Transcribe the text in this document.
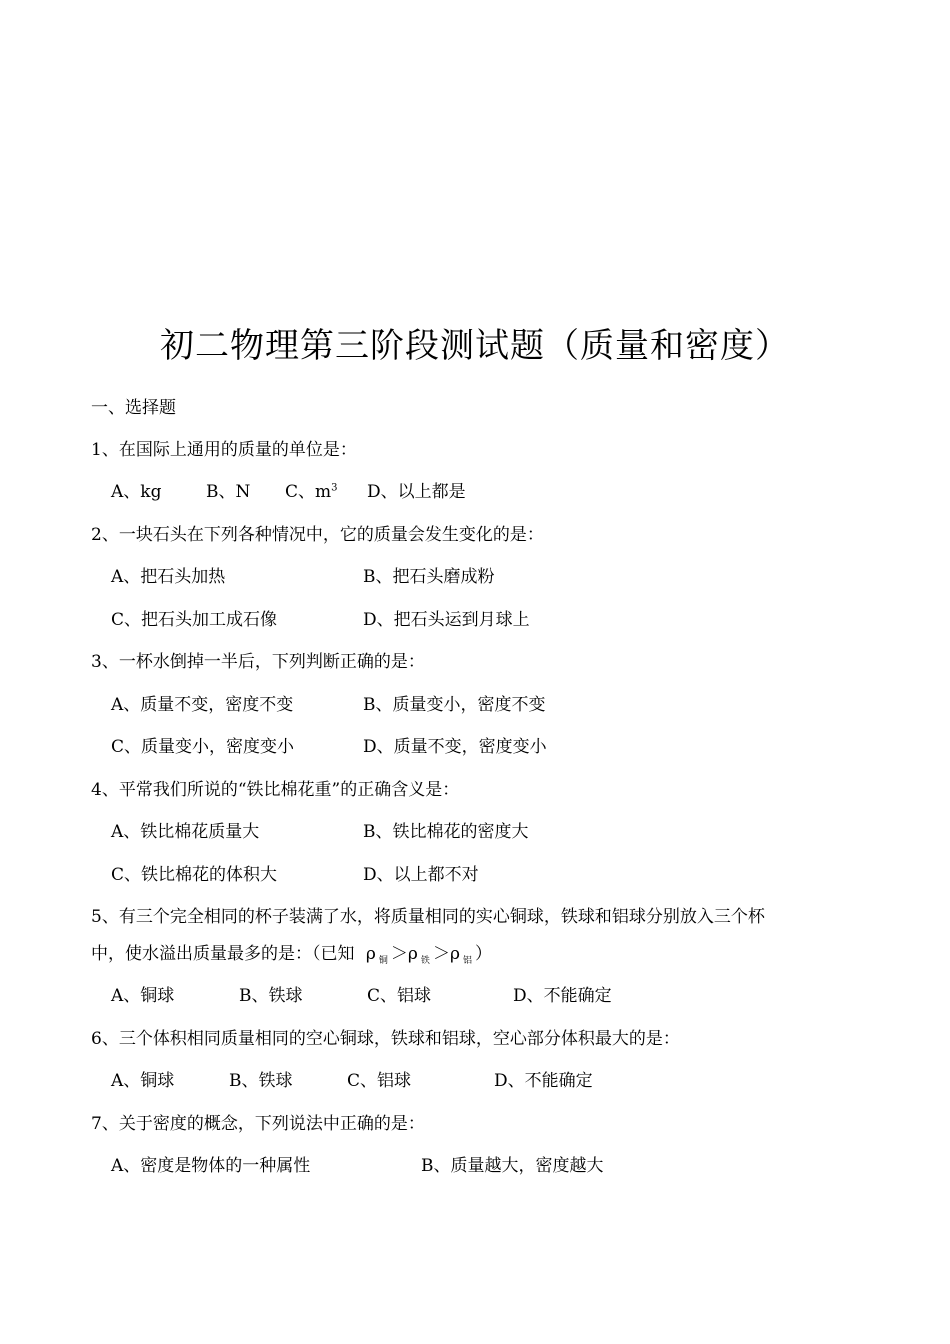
初二物理第三阶段测试题（质量和密度）
一、选择题
1、在国际上通用的质量的单位是：
A、kg	B、N C、$m^3$ D、以上都是
2、一块石头在下列各种情况中，它的质量会发生变化的是：
A、把石头加热	B、把石头磨成粉
C、把石头加工成石像	D、把石头运到月球上
3、一杯水倒掉一半后，下列判断正确的是：
A、质量不变，密度不变	B、质量变小，密度不变
C、质量变小，密度变小	D、质量不变，密度变小
4、平常我们所说的“铁比棉花重”的正确含义是：
A、铁比棉花质量大	B、铁比棉花的密度大
C、铁比棉花的体积大	D、以上都不对
5、有三个完全相同的杯子装满了水，将质量相同的实心铜球，铁球和铝球分别放入三个杯
中，使水溢出质量最多的是：（已知 ρ $_铜$ ＞ρ $_铁$ ＞ρ $_铝$ ）
A、铜球	B、铁球	C、铝球	D、不能确定
6、三个体积相同质量相同的空心铜球，铁球和铝球，空心部分体积最大的是：
A、铜球	B、铁球	C、铝球	D、不能确定
7、关于密度的概念，下列说法中正确的是：
A、密度是物体的一种属性	B、质量越大，密度越大
